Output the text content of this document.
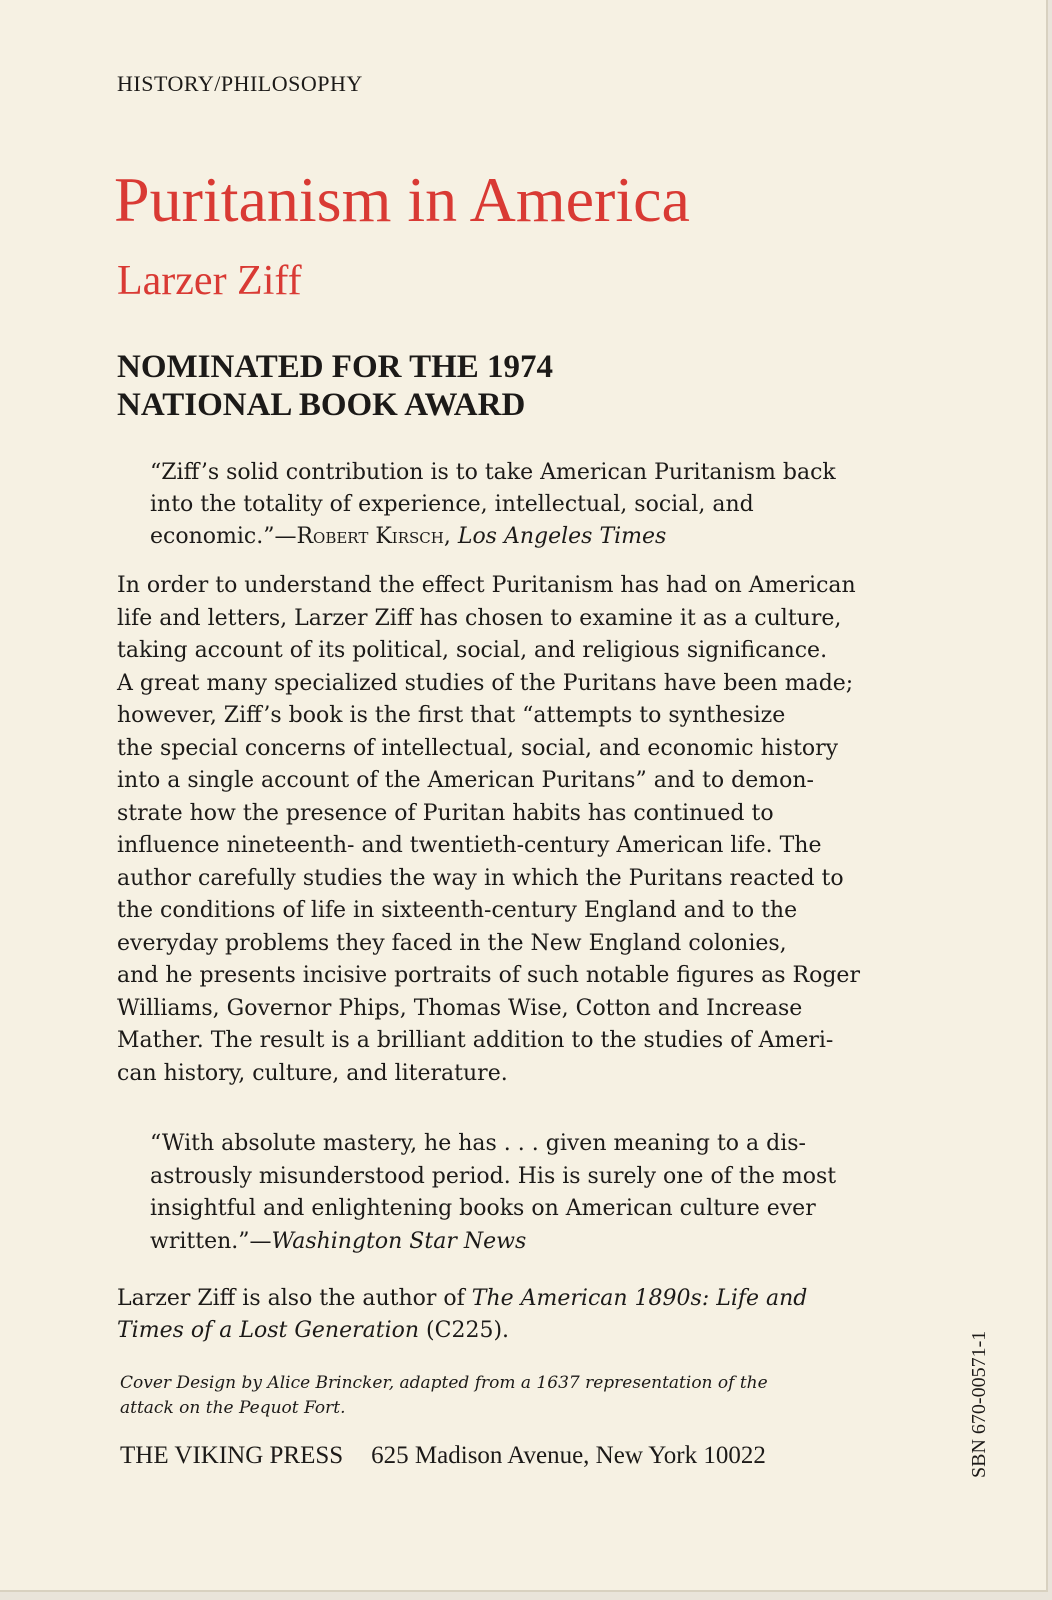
HISTORY/PHILOSOPHY
Puritanism in America
Larzer Ziff
NOMINATED FOR THE 1974
NATIONAL BOOK AWARD
“Ziff’s solid contribution is to take American Puritanism back
into the totality of experience, intellectual, social, and
economic.”—Robert Kirsch, Los Angeles Times
In order to understand the effect Puritanism has had on American
life and letters, Larzer Ziff has chosen to examine it as a culture,
taking account of its political, social, and religious significance.
A great many specialized studies of the Puritans have been made;
however, Ziff’s book is the first that “attempts to synthesize
the special concerns of intellectual, social, and economic history
into a single account of the American Puritans” and to demon-
strate how the presence of Puritan habits has continued to
influence nineteenth- and twentieth-century American life. The
author carefully studies the way in which the Puritans reacted to
the conditions of life in sixteenth-century England and to the
everyday problems they faced in the New England colonies,
and he presents incisive portraits of such notable figures as Roger
Williams, Governor Phips, Thomas Wise, Cotton and Increase
Mather. The result is a brilliant addition to the studies of Ameri-
can history, culture, and literature.
“With absolute mastery, he has . . . given meaning to a dis-
astrously misunderstood period. His is surely one of the most
insightful and enlightening books on American culture ever
written.”—Washington Star News
Larzer Ziff is also the author of The American 1890s: Life and
Times of a Lost Generation (C225).
Cover Design by Alice Brincker, adapted from a 1637 representation of the
attack on the Pequot Fort.
THE VIKING PRESS 625 Madison Avenue, New York 10022	SBN 670-00571-1
